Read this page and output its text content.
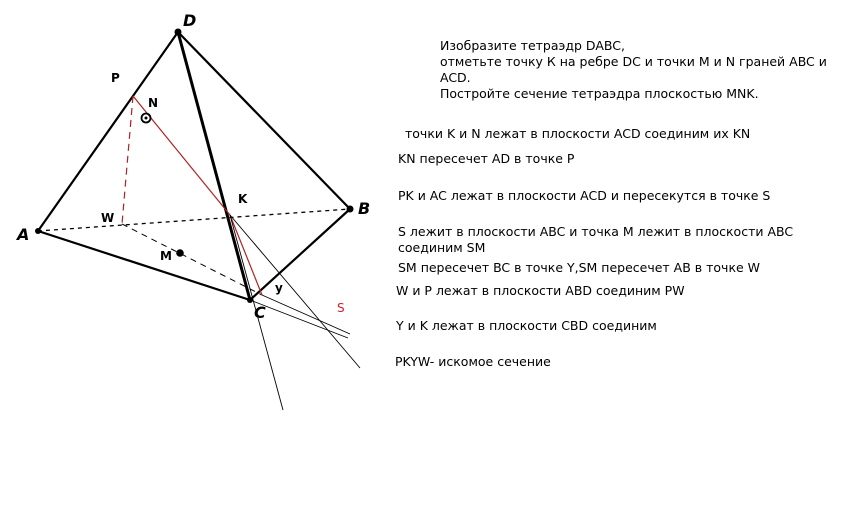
D
A
B
C
P
N
K
W
M
y
S
Изобразите тетраэдр DABC,
отметьте точку К на ребре DC и точки М и N граней ABC и
ACD.
Постройте сечение тетраэдра плоскостью MNK.
точки K и N лежат в плоскости ACD соединим их KN
KN пересечет AD в точке P
PK и AC лежат в плоскости ACD и пересекутся в точке S
S лежит в плоскости ABC и точка M лежит в плоскости ABC
соединим SM
SM пересечет BC в точке Y,SM пересечет AB в точке W
W и P лежат в плоскости ABD соединим PW
Y и K лежат в плоскости CBD соединим
PKYW- искомое сечение
